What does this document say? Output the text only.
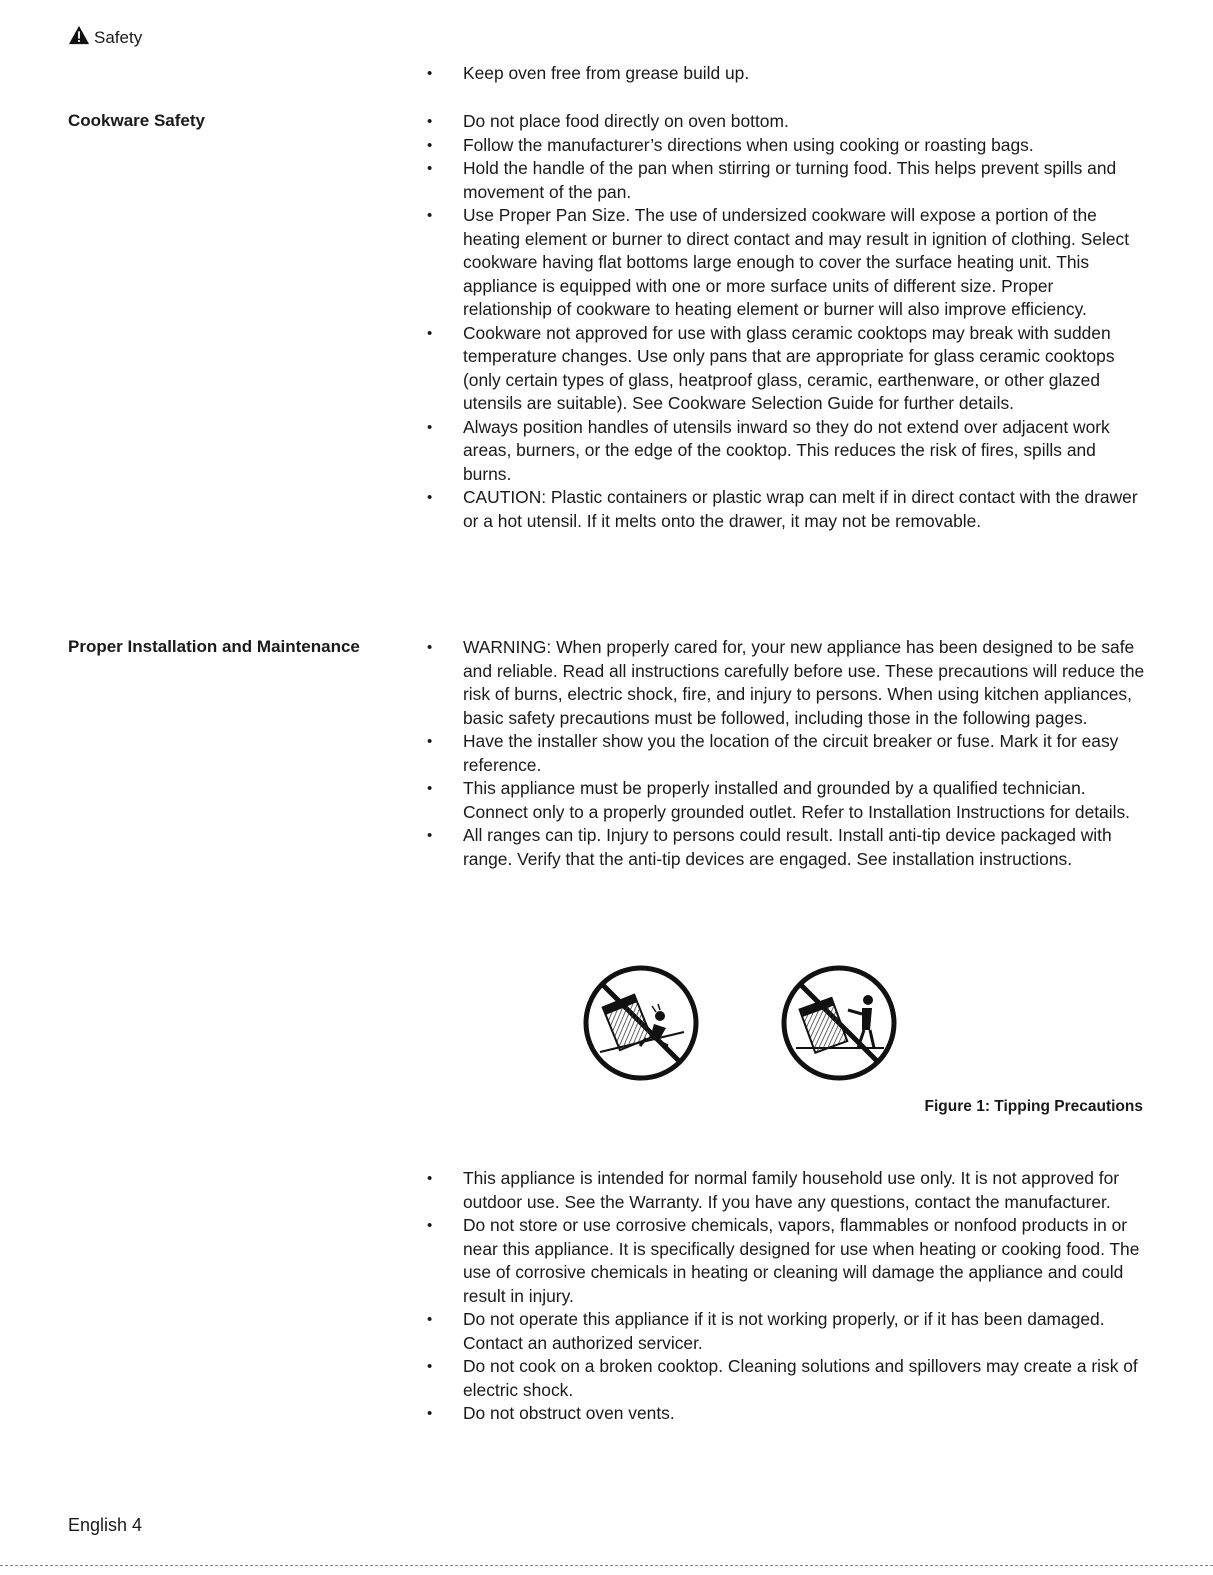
Safety
• Keep oven free from grease build up.
Cookware Safety	• Do not place food directly on oven bottom.
• Follow the manufacturer’s directions when using cooking or roasting bags.
• Hold the handle of the pan when stirring or turning food. This helps prevent spills and movement of the pan.
• Use Proper Pan Size. The use of undersized cookware will expose a portion of the heating element or burner to direct contact and may result in ignition of clothing. Select cookware having flat bottoms large enough to cover the surface heating unit. This appliance is equipped with one or more surface units of different size. Proper relationship of cookware to heating element or burner will also improve efficiency.
• Cookware not approved for use with glass ceramic cooktops may break with sudden temperature changes. Use only pans that are appropriate for glass ceramic cooktops (only certain types of glass, heatproof glass, ceramic, earthenware, or other glazed utensils are suitable). See Cookware Selection Guide for further details.
• Always position handles of utensils inward so they do not extend over adjacent work areas, burners, or the edge of the cooktop. This reduces the risk of fires, spills and burns.
• CAUTION: Plastic containers or plastic wrap can melt if in direct contact with the drawer or a hot utensil. If it melts onto the drawer, it may not be removable.
Proper Installation and Maintenance	• WARNING: When properly cared for, your new appliance has been designed to be safe and reliable. Read all instructions carefully before use. These precautions will reduce the risk of burns, electric shock, fire, and injury to persons. When using kitchen appliances, basic safety precautions must be followed, including those in the following pages.
• Have the installer show you the location of the circuit breaker or fuse. Mark it for easy reference.
• This appliance must be properly installed and grounded by a qualified technician. Connect only to a properly grounded outlet. Refer to Installation Instructions for details.
• All ranges can tip. Injury to persons could result. Install anti-tip device packaged with range. Verify that the anti-tip devices are engaged. See installation instructions.
Figure 1: Tipping Precautions
• This appliance is intended for normal family household use only. It is not approved for outdoor use. See the Warranty. If you have any questions, contact the manufacturer.
• Do not store or use corrosive chemicals, vapors, flammables or nonfood products in or near this appliance. It is specifically designed for use when heating or cooking food. The use of corrosive chemicals in heating or cleaning will damage the appliance and could result in injury.
• Do not operate this appliance if it is not working properly, or if it has been damaged. Contact an authorized servicer.
• Do not cook on a broken cooktop. Cleaning solutions and spillovers may create a risk of electric shock.
• Do not obstruct oven vents.
English 4
